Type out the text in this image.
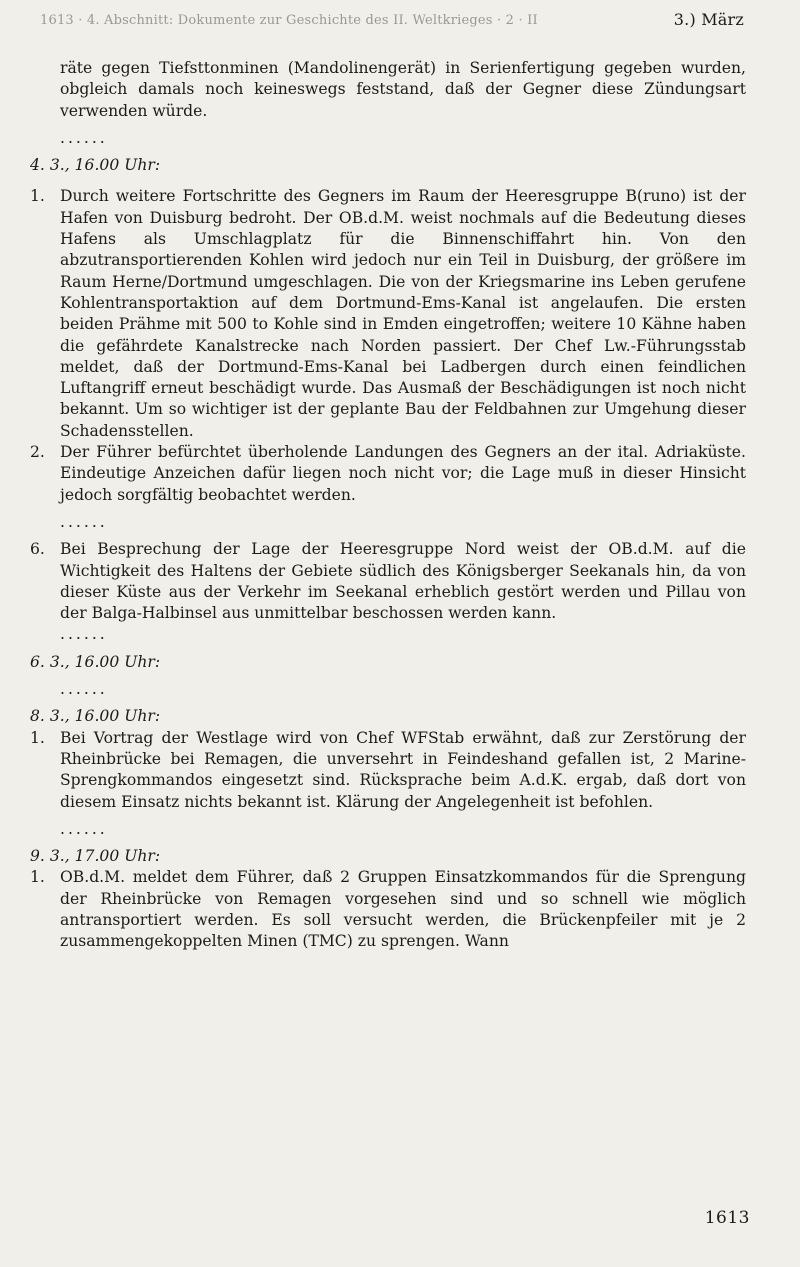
1613 · 4. Abschnitt: Dokumente zur Geschichte des II. Weltkrieges · 2 · II	3.) März

räte gegen Tiefsttonminen (Mandolinengerät) in Serienfertigung gegeben wurden, obgleich damals noch keineswegs feststand, daß der Gegner diese Zündungsart verwenden würde.

......

4. 3., 16.00 Uhr:

1. Durch weitere Fortschritte des Gegners im Raum der Heeresgruppe B(runo) ist der Hafen von Duisburg bedroht. Der OB.d.M. weist nochmals auf die Bedeutung dieses Hafens als Umschlagplatz für die Binnenschiffahrt hin. Von den abzutransportierenden Kohlen wird jedoch nur ein Teil in Duisburg, der größere im Raum Herne/Dortmund umgeschlagen. Die von der Kriegsmarine ins Leben gerufene Kohlentransportaktion auf dem Dortmund-Ems-Kanal ist angelaufen. Die ersten beiden Prähme mit 500 to Kohle sind in Emden eingetroffen; weitere 10 Kähne haben die gefährdete Kanalstrecke nach Norden passiert. Der Chef Lw.-Führungsstab meldet, daß der Dortmund-Ems-Kanal bei Ladbergen durch einen feindlichen Luftangriff erneut beschädigt wurde. Das Ausmaß der Beschädigungen ist noch nicht bekannt. Um so wichtiger ist der geplante Bau der Feldbahnen zur Umgehung dieser Schadensstellen.

2. Der Führer befürchtet überholende Landungen des Gegners an der ital. Adriaküste. Eindeutige Anzeichen dafür liegen noch nicht vor; die Lage muß in dieser Hinsicht jedoch sorgfältig beobachtet werden.

......

6. Bei Besprechung der Lage der Heeresgruppe Nord weist der OB.d.M. auf die Wichtigkeit des Haltens der Gebiete südlich des Königsberger Seekanals hin, da von dieser Küste aus der Verkehr im Seekanal erheblich gestört werden und Pillau von der Balga-Halbinsel aus unmittelbar beschossen werden kann.

......

6. 3., 16.00 Uhr:

......

8. 3., 16.00 Uhr:

1. Bei Vortrag der Westlage wird von Chef WFStab erwähnt, daß zur Zerstörung der Rheinbrücke bei Remagen, die unversehrt in Feindeshand gefallen ist, 2 Marine-Sprengkommandos eingesetzt sind. Rücksprache beim A.d.K. ergab, daß dort von diesem Einsatz nichts bekannt ist. Klärung der Angelegenheit ist befohlen.

......

9. 3., 17.00 Uhr:

1. OB.d.M. meldet dem Führer, daß 2 Gruppen Einsatzkommandos für die Sprengung der Rheinbrücke von Remagen vorgesehen sind und so schnell wie möglich antransportiert werden. Es soll versucht werden, die Brückenpfeiler mit je 2 zusammengekoppelten Minen (TMC) zu sprengen. Wann

1613
